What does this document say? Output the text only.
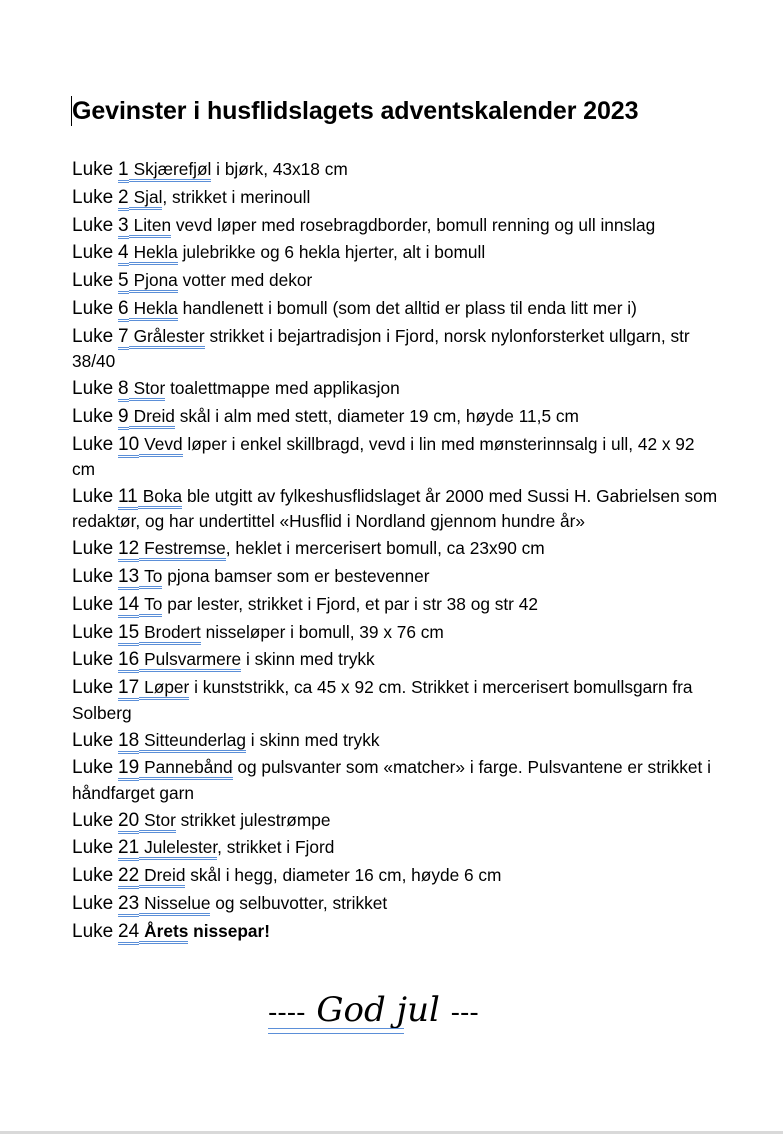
Gevinster i husflidslagets adventskalender 2023
Luke 1 Skjærefjøl i bjørk, 43x18 cm
Luke 2 Sjal, strikket i merinoull
Luke 3 Liten vevd løper med rosebragdborder, bomull renning og ull innslag
Luke 4 Hekla julebrikke og 6 hekla hjerter, alt i bomull
Luke 5 Pjona votter med dekor
Luke 6 Hekla handlenett i bomull (som det alltid er plass til enda litt mer i)
Luke 7 Grålester strikket i bejartradisjon i Fjord, norsk nylonforsterket ullgarn, str 38/40
Luke 8 Stor toalettmappe med applikasjon
Luke 9 Dreid skål i alm med stett, diameter 19 cm, høyde 11,5 cm
Luke 10 Vevd løper i enkel skillbragd, vevd i lin med mønsterinnsalg i ull, 42 x 92 cm
Luke 11 Boka ble utgitt av fylkeshusflidslaget år 2000 med Sussi H. Gabrielsen som redaktør, og har undertittel «Husflid i Nordland gjennom hundre år»
Luke 12 Festremse, heklet i mercerisert bomull, ca 23x90 cm
Luke 13 To pjona bamser som er bestevenner
Luke 14 To par lester, strikket i Fjord, et par i str 38 og str 42
Luke 15 Brodert nisseløper i bomull, 39 x 76 cm
Luke 16 Pulsvarmere i skinn med trykk
Luke 17 Løper i kunststrikk, ca 45 x 92 cm. Strikket i mercerisert bomullsgarn fra Solberg
Luke 18 Sitteunderlag i skinn med trykk
Luke 19 Pannebånd og pulsvanter som «matcher» i farge. Pulsvantene er strikket i håndfarget garn
Luke 20 Stor strikket julestrømpe
Luke 21 Julelester, strikket i Fjord
Luke 22 Dreid skål i hegg, diameter 16 cm, høyde 6 cm
Luke 23 Nisselue og selbuvotter, strikket
Luke 24 Årets nissepar!
---- God jul ---
